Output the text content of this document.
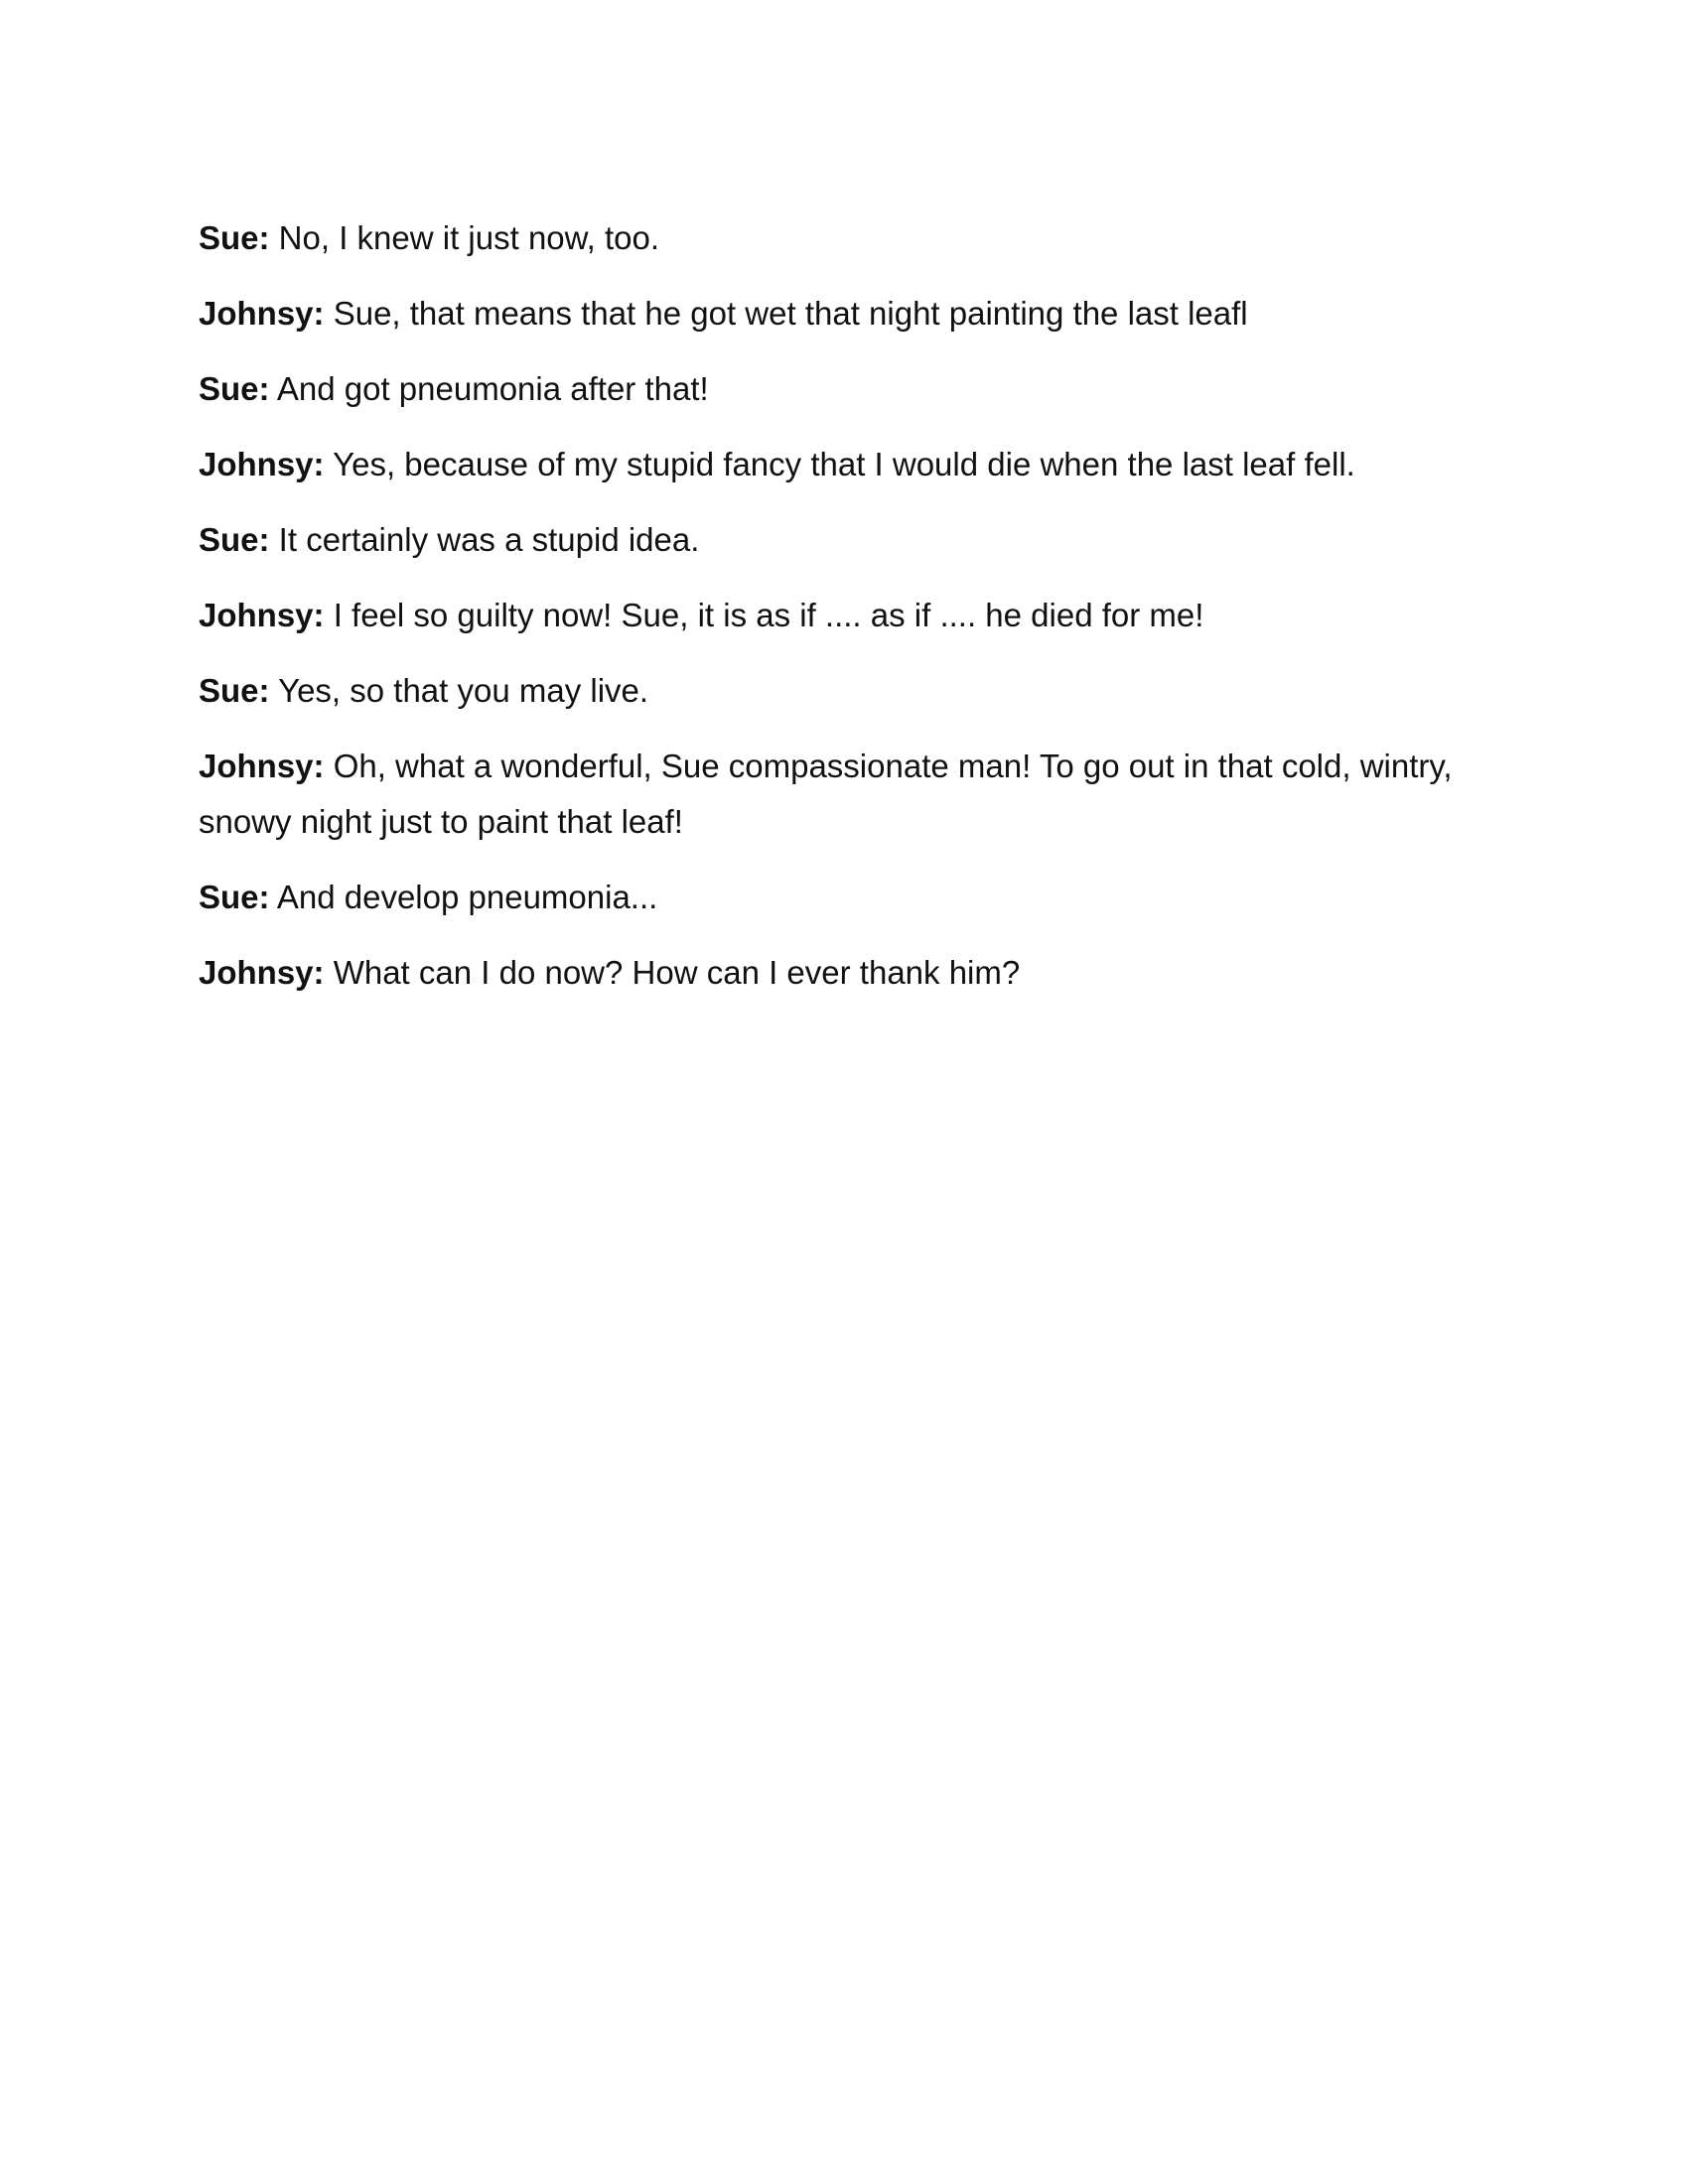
Sue: No, I knew it just now, too.

Johnsy: Sue, that means that he got wet that night painting the last leafl

Sue: And got pneumonia after that!

Johnsy: Yes, because of my stupid fancy that I would die when the last leaf fell.

Sue: It certainly was a stupid idea.

Johnsy: I feel so guilty now! Sue, it is as if .... as if .... he died for me!

Sue: Yes, so that you may live.

Johnsy: Oh, what a wonderful, Sue compassionate man! To go out in that cold, wintry, snowy night just to paint that leaf!

Sue: And develop pneumonia...

Johnsy: What can I do now? How can I ever thank him?
